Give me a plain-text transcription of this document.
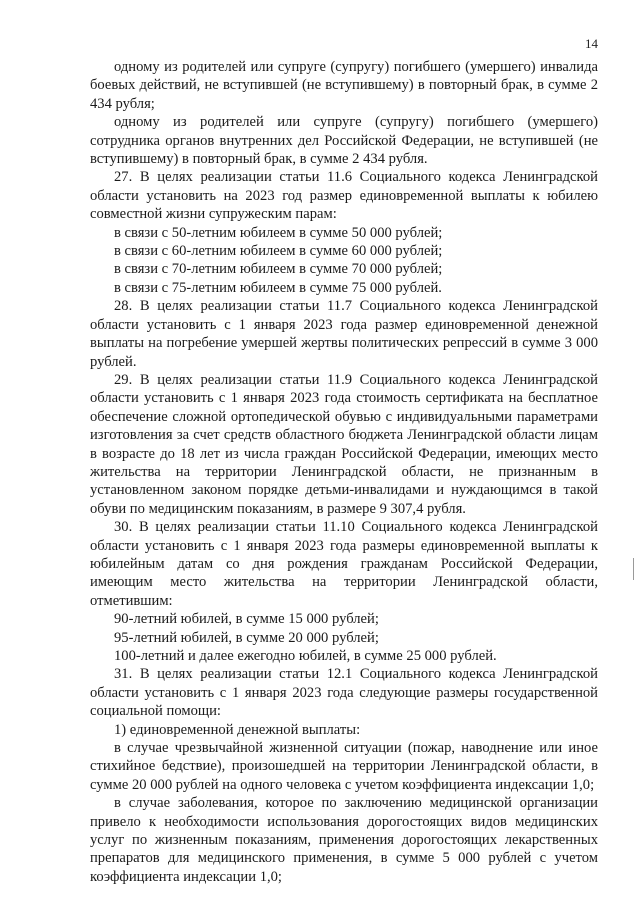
14

одному из родителей или супруге (супругу) погибшего (умершего) инвалида боевых действий, не вступившей (не вступившему) в повторный брак, в сумме 2 434 рубля;

одному из родителей или супруге (супругу) погибшего (умершего) сотрудника органов внутренних дел Российской Федерации, не вступившей (не вступившему) в повторный брак, в сумме 2 434 рубля.

27. В целях реализации статьи 11.6 Социального кодекса Ленинградской области установить на 2023 год размер единовременной выплаты к юбилею совместной жизни супружеским парам:

в связи с 50-летним юбилеем в сумме 50 000 рублей;

в связи с 60-летним юбилеем в сумме 60 000 рублей;

в связи с 70-летним юбилеем в сумме 70 000 рублей;

в связи с 75-летним юбилеем в сумме 75 000 рублей.

28. В целях реализации статьи 11.7 Социального кодекса Ленинградской области установить с 1 января 2023 года размер единовременной денежной выплаты на погребение умершей жертвы политических репрессий в сумме 3 000 рублей.

29. В целях реализации статьи 11.9 Социального кодекса Ленинградской области установить с 1 января 2023 года стоимость сертификата на бесплатное обеспечение сложной ортопедической обувью с индивидуальными параметрами изготовления за счет средств областного бюджета Ленинградской области лицам в возрасте до 18 лет из числа граждан Российской Федерации, имеющих место жительства на территории Ленинградской области, не признанным в установленном законом порядке детьми-инвалидами и нуждающимся в такой обуви по медицинским показаниям, в размере 9 307,4 рубля.

30. В целях реализации статьи 11.10 Социального кодекса Ленинградской области установить с 1 января 2023 года размеры единовременной выплаты к юбилейным датам со дня рождения гражданам Российской Федерации, имеющим место жительства на территории Ленинградской области, отметившим:

90-летний юбилей, в сумме 15 000 рублей;

95-летний юбилей, в сумме 20 000 рублей;

100-летний и далее ежегодно юбилей, в сумме 25 000 рублей.

31. В целях реализации статьи 12.1 Социального кодекса Ленинградской области установить с 1 января 2023 года следующие размеры государственной социальной помощи:

1) единовременной денежной выплаты:

в случае чрезвычайной жизненной ситуации (пожар, наводнение или иное стихийное бедствие), произошедшей на территории Ленинградской области, в сумме 20 000 рублей на одного человека с учетом коэффициента индексации 1,0;

в случае заболевания, которое по заключению медицинской организации привело к необходимости использования дорогостоящих видов медицинских услуг по жизненным показаниям, применения дорогостоящих лекарственных препаратов для медицинского применения, в сумме 5 000 рублей с учетом коэффициента индексации 1,0;
